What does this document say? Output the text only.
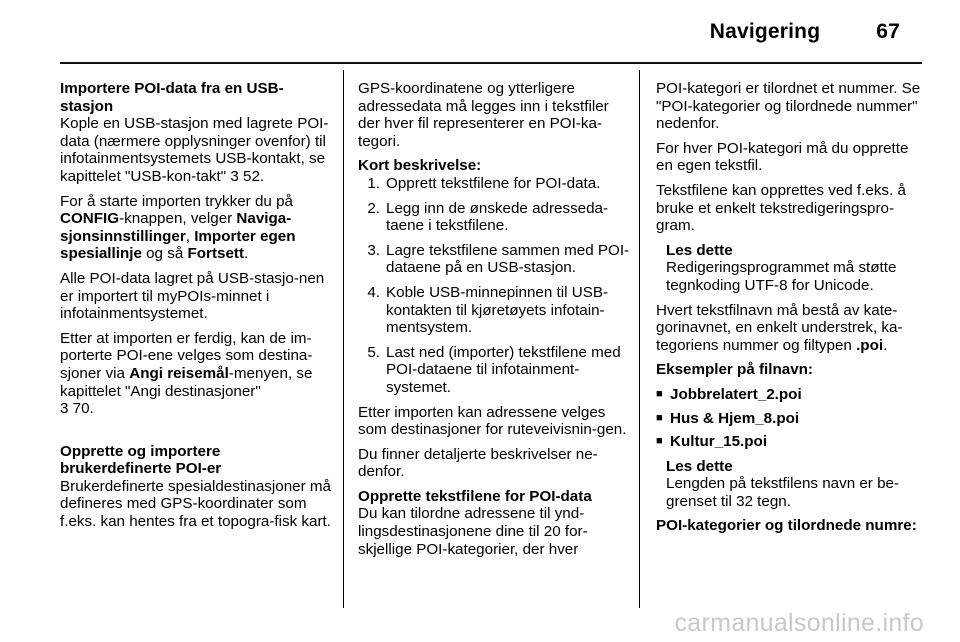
Navigering	67

Importere POI-data fra en USB-stasjon

Kople en USB-stasjon med lagrete POI-data (nærmere opplysninger ovenfor) til infotainmentsystemets USB-kontakt, se kapittelet "USB-kon-takt" 3 52.

For å starte importen trykker du på CONFIG-knappen, velger Naviga-sjonsinnstillinger, Importer egen spesiallinje og så Fortsett.

Alle POI-data lagret på USB-stasjo-nen er importert til myPOIs-minnet i infotainmentsystemet.

Etter at importen er ferdig, kan de im-porterte POI-ene velges som destina-sjoner via Angi reisemål-menyen, se kapittelet "Angi destinasjoner"
3 70.

Opprette og importere brukerdefinerte POI-er

Brukerdefinerte spesialdestinasjoner må defineres med GPS-koordinater som f.eks. kan hentes fra et topogra-fisk kart.

GPS-koordinatene og ytterligere adressedata må legges inn i tekstfiler der hver fil representerer en POI-ka-tegori.

Kort beskrivelse:

1. Opprett tekstfilene for POI-data.
2. Legg inn de ønskede adresseda-taene i tekstfilene.
3. Lagre tekstfilene sammen med POI-dataene på en USB-stasjon.
4. Koble USB-minnepinnen til USB-kontakten til kjøretøyets infotain-mentsystem.
5. Last ned (importer) tekstfilene med POI-dataene til infotainment-systemet.

Etter importen kan adressene velges som destinasjoner for ruteveivisnin-gen.

Du finner detaljerte beskrivelser ne-denfor.

Opprette tekstfilene for POI-data

Du kan tilordne adressene til ynd-lingsdestinasjonene dine til 20 for-skjellige POI-kategorier, der hver

POI-kategori er tilordnet et nummer. Se "POI-kategorier og tilordnede nummer" nedenfor.

For hver POI-kategori må du opprette en egen tekstfil.

Tekstfilene kan opprettes ved f.eks. å bruke et enkelt tekstredigeringspro-gram.

Les dette
Redigeringsprogrammet må støtte tegnkoding UTF-8 for Unicode.

Hvert tekstfilnavn må bestå av kate-gorinavnet, en enkelt understrek, ka-tegoriens nummer og filtypen .poi.

Eksempler på filnavn:

■ Jobbrelatert_2.poi
■ Hus & Hjem_8.poi
■ Kultur_15.poi
Les dette
Lengden på tekstfilens navn er be-grenset til 32 tegn.

POI-kategorier og tilordnede numre:

carmanualsonline.info
